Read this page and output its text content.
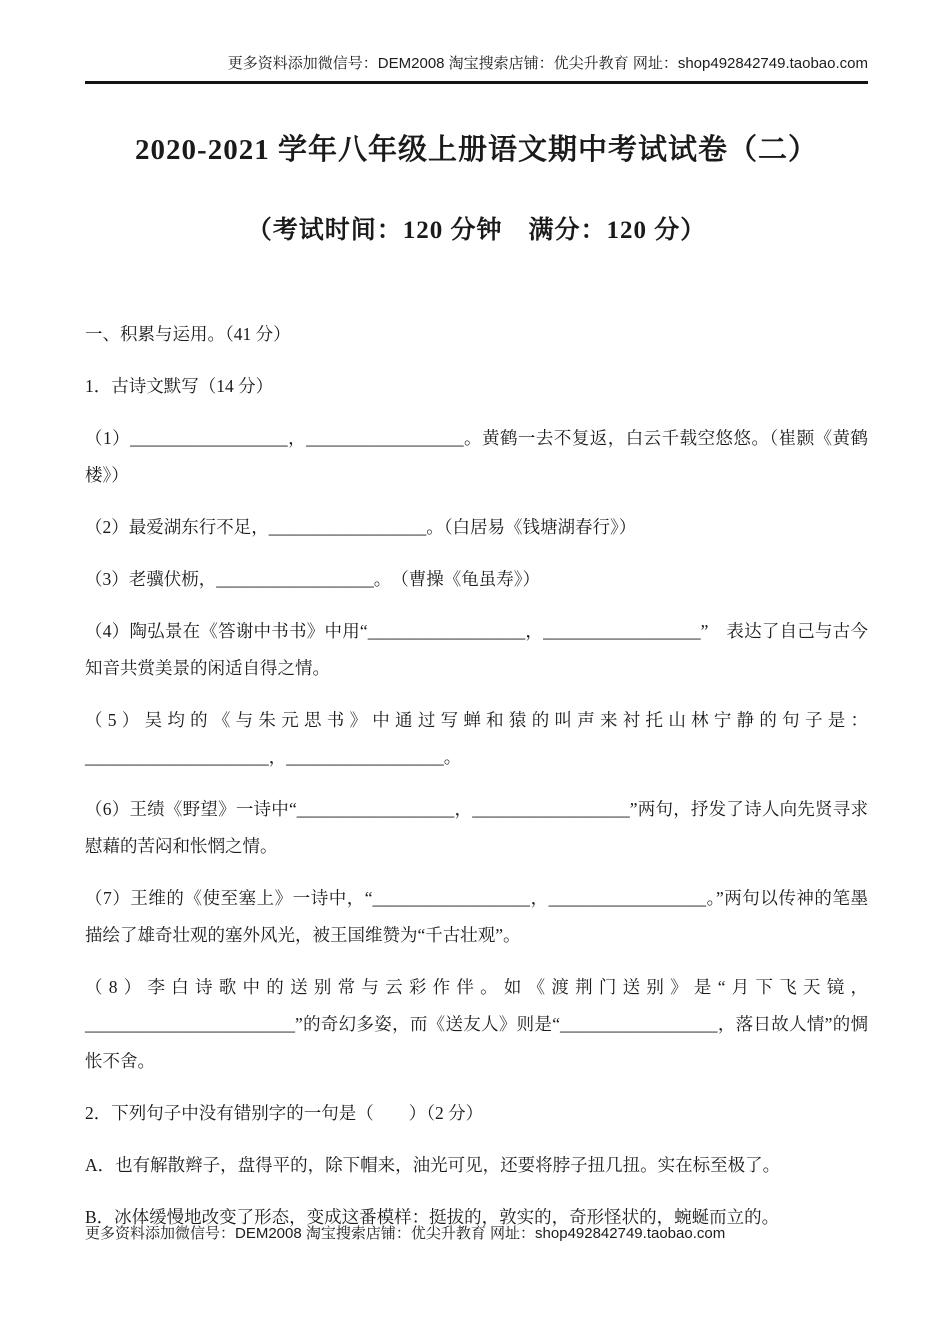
更多资料添加微信号：DEM2008 淘宝搜索店铺：优尖升教育 网址：shop492842749.taobao.com
2020-2021 学年八年级上册语文期中考试试卷（二）
（考试时间：120 分钟　满分：120 分）

一、积累与运用。（41 分）

1．古诗文默写（14 分）

（1）__________________，__________________。黄鹤一去不复返，白云千载空悠悠。（崔颢《黄鹤楼》）

（2）最爱湖东行不足，__________________。（白居易《钱塘湖春行》）

（3）老骥伏枥，__________________。　（曹操《龟虽寿》）

（4）陶弘景在《答谢中书书》中用“__________________，__________________”　表达了自己与古今知音共赏美景的闲适自得之情。

（5）吴均的《与朱元思书》中通过写蝉和猿的叫声来衬托山林宁静的句子是：_____________________，__________________。

（6）王绩《野望》一诗中“__________________，__________________”两句，抒发了诗人向先贤寻求慰藉的苦闷和怅惘之情。

（7）王维的《使至塞上》一诗中，“__________________，__________________。”两句以传神的笔墨描绘了雄奇壮观的塞外风光，被王国维赞为“千古壮观”。

（8）李白诗歌中的送别常与云彩作伴。如《渡荆门送别》是“月下飞天镜，________________________”的奇幻多姿，而《送友人》则是“__________________，落日故人情”的惆怅不舍。

2．下列句子中没有错别字的一句是（　　）（2 分）

A．也有解散辫子，盘得平的，除下帽来，油光可见，还要将脖子扭几扭。实在标至极了。

B．冰体缓慢地改变了形态，变成这番模样：挺拔的，敦实的，奇形怪状的，蜿蜒而立的。

更多资料添加微信号：DEM2008 淘宝搜索店铺：优尖升教育 网址：shop492842749.taobao.com
